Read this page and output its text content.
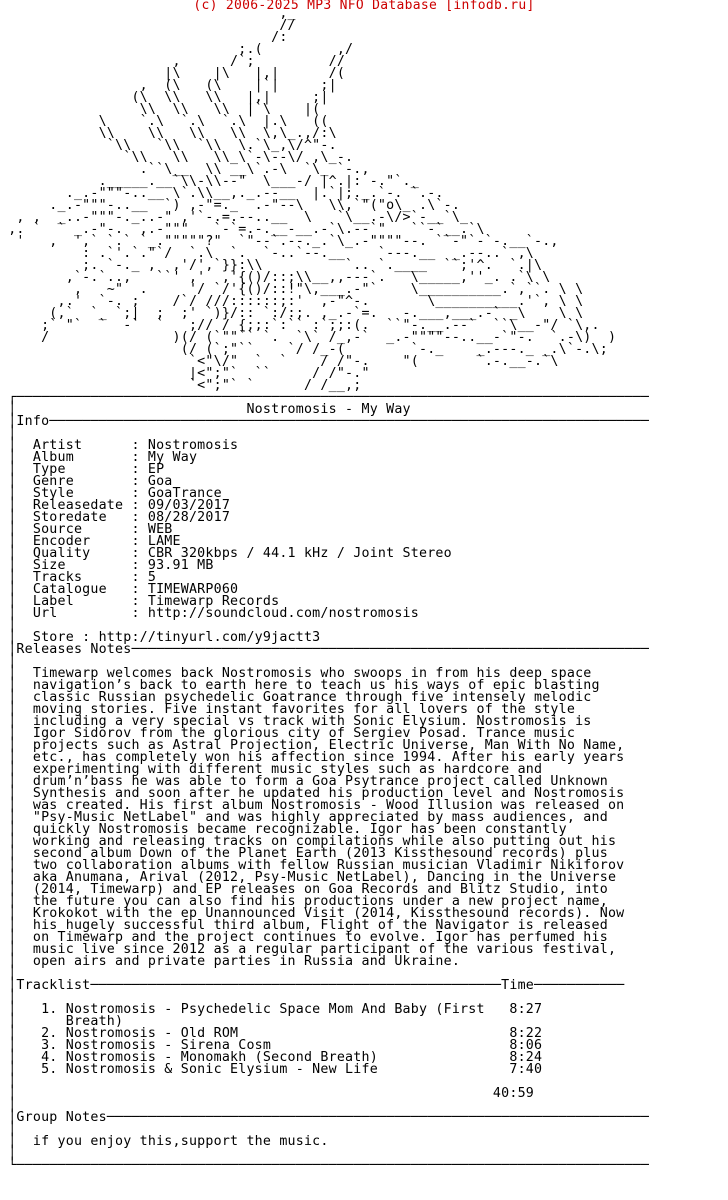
(c) 2006-2025 MP3 NFO Database [infodb.ru]
,_
//
/:
;.(         ,/
,      /`;         //
|\    |\   |,|      /(
,  (\   (\    |`|     ;|
(\  \\   \\   |,|     ;|
\\  \\   \\  |`\    |(
\    `.\  `.\  `.\  |.\   ((
\\    \\   \\   \\  \,\_.,/:\
`\\   `\\  `\\  \.`\_,\/^"-.
`\\   \\   \\_\`-\--\/ ,\_-.
.``\__  \\ __\`.-\  `\_ `-.,
._____.__`\\-\\--"  \___-/ |^.|: -."`._
._.-"""-..__ \`.\\__,._.--__  |.`|;._.`-. `.-.
._.-"""-..__  `) ,-"=._  .-"--\   \\,`"("o\_ .\`-.
, ,  _..-"""-._..-" ,'`-.=.--..__  \   `\__.-\/>`-__`\_
,. `  ` _.-"-.  ,.-"""   `-`=.-.__-__.-`\.--`"   ``-`__.`\
'   ,  ',` `.` `_."""""?"  `"--`.--._.`\_.-""""--. ``-"`-`-.__`-.,
: .`'.`."`/  `.\  `.  `-..`--.__    `---.__  _.--..` ,\
;. `-._ ,  ,'/',`}}:\\          `.. `.____  ``;'^.  `.|\
,`-.`..,   ``' ,'  ,'{()/::;\\__,,---`.   \_____,''_. .`\ \
,   ~"  .     '/ `/'{()/::!"\,___.-"`    \__________.`,``. \ \
,.'  `-. ;    /`/ ///::::::;:'  ,-"^-.       \__________.'`, \ \
(,`  `_ `;|  ;  ;' `)}/:: `:/:;. ,_.-`=.   -.___,___.-` _\    \ \
;` "`  `  -`  `   ;// / {;;:`:`` :`;;:(.  ``"-.__.--`  ``\__-"/ `\,.
/               )(/ (`""`` `.  `\` /_,-`  _.-""""--..__-`"-.  `.-\)  )
(/ (`;"``    `/ /_-(        `-._    _.---._ _.\`-.\;
`<"\/"  `  `    / /"-.    "(       `.-.__-.`\
|<";"`  ``     / /"-."
`<";"` `      / /__,;
┌─────────────────────────────────────────────────────────────────────────────
│                            Nostromosis - My Way
│Info─────────────────────────────────────────────────────────────────────────
│
│  Artist      : Nostromosis
│  Album       : My Way
│  Type        : EP
│  Genre       : Goa
│  Style       : GoaTrance
│  Releasedate : 09/03/2017
│  Storedate   : 08/28/2017
│  Source      : WEB
│  Encoder     : LAME
│  Quality     : CBR 320kbps / 44.1 kHz / Joint Stereo
│  Size        : 93.91 MB
│  Tracks      : 5
│  Catalogue   : TIMEWARP060
│  Label       : Timewarp Records
│  Url         : http://soundcloud.com/nostromosis
│
│  Store : http://tinyurl.com/y9jactt3
│Releases Notes───────────────────────────────────────────────────────────────
│
│  Timewarp welcomes back Nostromosis who swoops in from his deep space
│  navigation’s back to earth here to teach us his ways of epic blasting
│  classic Russian psychedelic Goatrance through five intensely melodic
│  moving stories. Five instant favorites for all lovers of the style
│  including a very special vs track with Sonic Elysium. Nostromosis is
│  Igor Sidorov from the glorious city of Sergiev Posad. Trance music
│  projects such as Astral Projection, Electric Universe, Man With No Name,
│  etc., has completely won his affection since 1994. After his early years
│  experimenting with different music styles such as hardcore and
│  drum’n’bass he was able to form a Goa Psytrance project called Unknown
│  Synthesis and soon after he updated his production level and Nostromosis
│  was created. His first album Nostromosis - Wood Illusion was released on
│  "Psy-Music NetLabel" and was highly appreciated by mass audiences, and
│  quickly Nostromosis became recognizable. Igor has been constantly
│  working and releasing tracks on compilations while also putting out his
│  second album Down of the Planet Earth (2013 Kissthesound records) plus
│  two collaboration albums with fellow Russian musician Vladimir Nikiforov
│  aka Anumana, Arival (2012, Psy-Music NetLabel), Dancing in the Universe
│  (2014, Timewarp) and EP releases on Goa Records and Blitz Studio, into
│  the future you can also find his productions under a new project name,
│  Krokokot with the ep Unannounced Visit (2014, Kissthesound records). Now
│  his hugely successful third album, Flight of the Navigator is released
│  on Timewarp and the project continues to evolve. Igor has perfumed his
│  music live since 2012 as a regular participant of the various festival,
│  open airs and private parties in Russia and Ukraine.
│
│Tracklist──────────────────────────────────────────────────Time───────────
│
│   1. Nostromosis - Psychedelic Space Mom And Baby (First   8:27
│      Breath)
│   2. Nostromosis - Old ROM                                 8:22
│   3. Nostromosis - Sirena Cosm                             8:06
│   4. Nostromosis - Monomakh (Second Breath)                8:24
│   5. Nostromosis & Sonic Elysium - New Life                7:40
│
│                                                          40:59
│
│Group Notes──────────────────────────────────────────────────────────────────
│
│  if you enjoy this,support the music.
│
└─────────────────────────────────────────────────────────────────────────────
